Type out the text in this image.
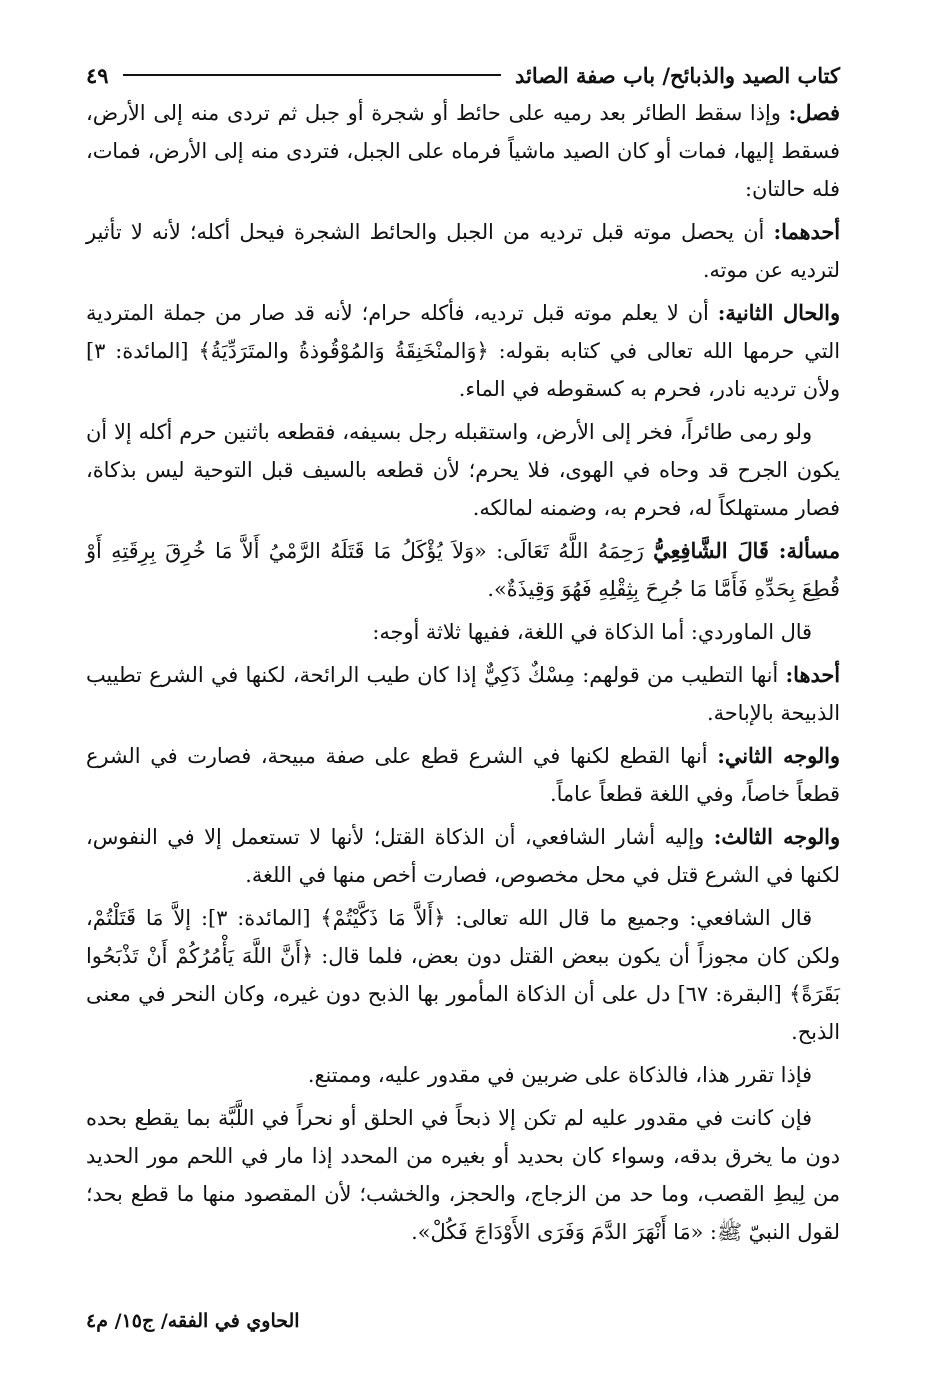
كتاب الصيد والذبائح/ باب صفة الصائد
٤٩

فصل: وإذا سقط الطائر بعد رميه على حائط أو شجرة أو جبل ثم تردى منه إلى الأرض، فسقط إليها، فمات أو كان الصيد ماشياً فرماه على الجبل، فتردى منه إلى الأرض، فمات، فله حالتان:

أحدهما: أن يحصل موته قبل ترديه من الجبل والحائط الشجرة فيحل أكله؛ لأنه لا تأثير لترديه عن موته.

والحال الثانية: أن لا يعلم موته قبل ترديه، فأكله حرام؛ لأنه قد صار من جملة المتردية التي حرمها الله تعالى في كتابه بقوله: ﴿وَالمنْخَنِقَةُ وَالمُوْقُوذةُ والمتَرَدِّيَةُ﴾ [المائدة: ٣] ولأن ترديه نادر، فحرم به كسقوطه في الماء.

ولو رمى طائراً، فخر إلى الأرض، واستقبله رجل بسيفه، فقطعه باثنين حرم أكله إلا أن يكون الجرح قد وحاه في الهوى، فلا يحرم؛ لأن قطعه بالسيف قبل التوحية ليس بذكاة، فصار مستهلكاً له، فحرم به، وضمنه لمالكه.

مسألة: قَالَ الشَّافِعِيُّ رَحِمَهُ اللَّهُ تَعَالَى: «وَلاَ يُؤْكَلُ مَا قَتَلَهُ الرَّمْيُ أَلاَّ مَا خُرِقَ بِرِقَتِهِ أَوْ قُطِعَ بِحَدِّهِ فَأَمَّا مَا جُرِحَ بِثِقْلِهِ فَهُوَ وَقِيذَةٌ».

قال الماوردي: أما الذكاة في اللغة، ففيها ثلاثة أوجه:

أحدها: أنها التطيب من قولهم: مِسْكٌ ذَكِيٌّ إذا كان طيب الرائحة، لكنها في الشرع تطييب الذبيحة بالإباحة.

والوجه الثاني: أنها القطع لكنها في الشرع قطع على صفة مبيحة، فصارت في الشرع قطعاً خاصاً، وفي اللغة قطعاً عاماً.

والوجه الثالث: وإليه أشار الشافعي، أن الذكاة القتل؛ لأنها لا تستعمل إلا في النفوس، لكنها في الشرع قتل في محل مخصوص، فصارت أخص منها في اللغة.

قال الشافعي: وجميع ما قال الله تعالى: ﴿أَلاَّ مَا ذَكَّيْتُمْ﴾ [المائدة: ٣]: إلاَّ مَا قَتَلْتُمْ، ولكن كان مجوزاً أن يكون ببعض القتل دون بعض، فلما قال: ﴿أَنَّ اللَّهَ يَأْمُرُكُمْ أَنْ تَذْبَحُوا بَقَرَةً﴾ [البقرة: ٦٧] دل على أن الذكاة المأمور بها الذبح دون غيره، وكان النحر في معنى الذبح.

فإذا تقرر هذا، فالذكاة على ضربين في مقدور عليه، وممتنع.

فإن كانت في مقدور عليه لم تكن إلا ذبحاً في الحلق أو نحراً في اللَّبَّة بما يقطع بحده دون ما يخرق بدقه، وسواء كان بحديد أو بغيره من المحدد إذا مار في اللحم مور الحديد من لِيطِ القصب، وما حد من الزجاج، والحجز، والخشب؛ لأن المقصود منها ما قطع بحد؛ لقول النبيّ ﷺ: «مَا أَنْهَرَ الدَّمَ وَفَرَى الأَوْدَاجَ فَكُلْ».

الحاوي في الفقه/ ج١٥/ م٤
